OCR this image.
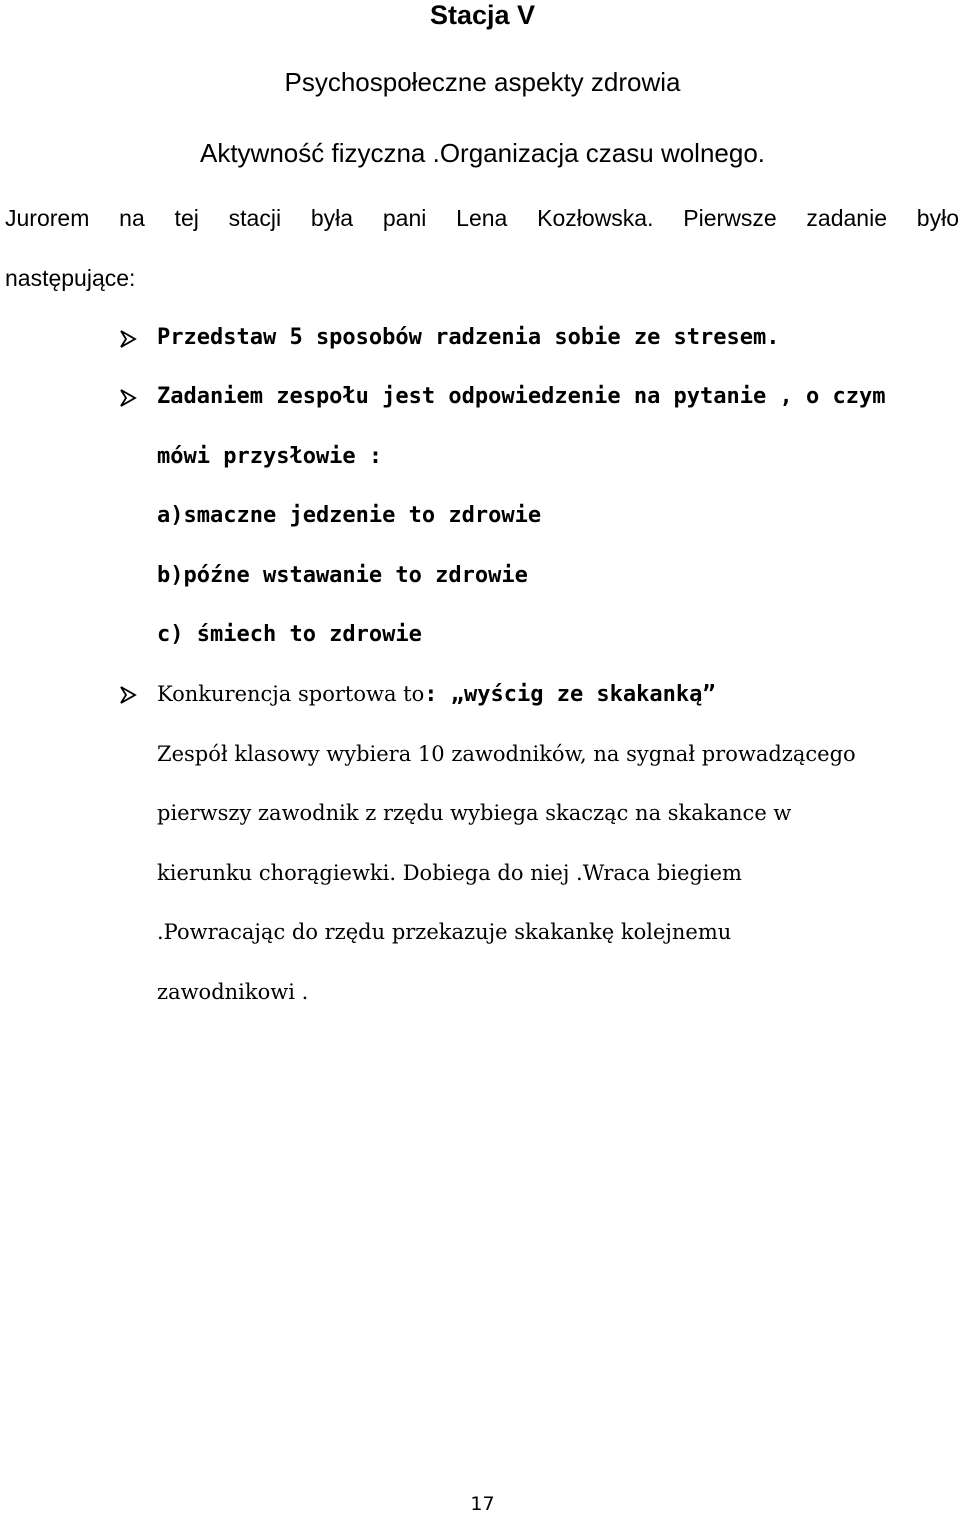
Stacja V
Psychospołeczne aspekty zdrowia
Aktywność fizyczna .Organizacja czasu wolnego.
Jurorem na tej stacji była pani Lena Kozłowska. Pierwsze zadanie było
następujące:
Przedstaw 5 sposobów radzenia sobie ze stresem.
Zadaniem zespołu jest odpowiedzenie na pytanie , o czym
mówi przysłowie :
a)smaczne jedzenie to zdrowie
b)późne wstawanie to zdrowie
c) śmiech to zdrowie
Konkurencja sportowa to: „wyścig ze skakanką”
Zespół klasowy wybiera 10 zawodników, na sygnał prowadzącego
pierwszy zawodnik z rzędu wybiega skacząc na skakance w
kierunku chorągiewki. Dobiega do niej .Wraca biegiem
.Powracając do rzędu przekazuje skakankę kolejnemu
zawodnikowi .
17
